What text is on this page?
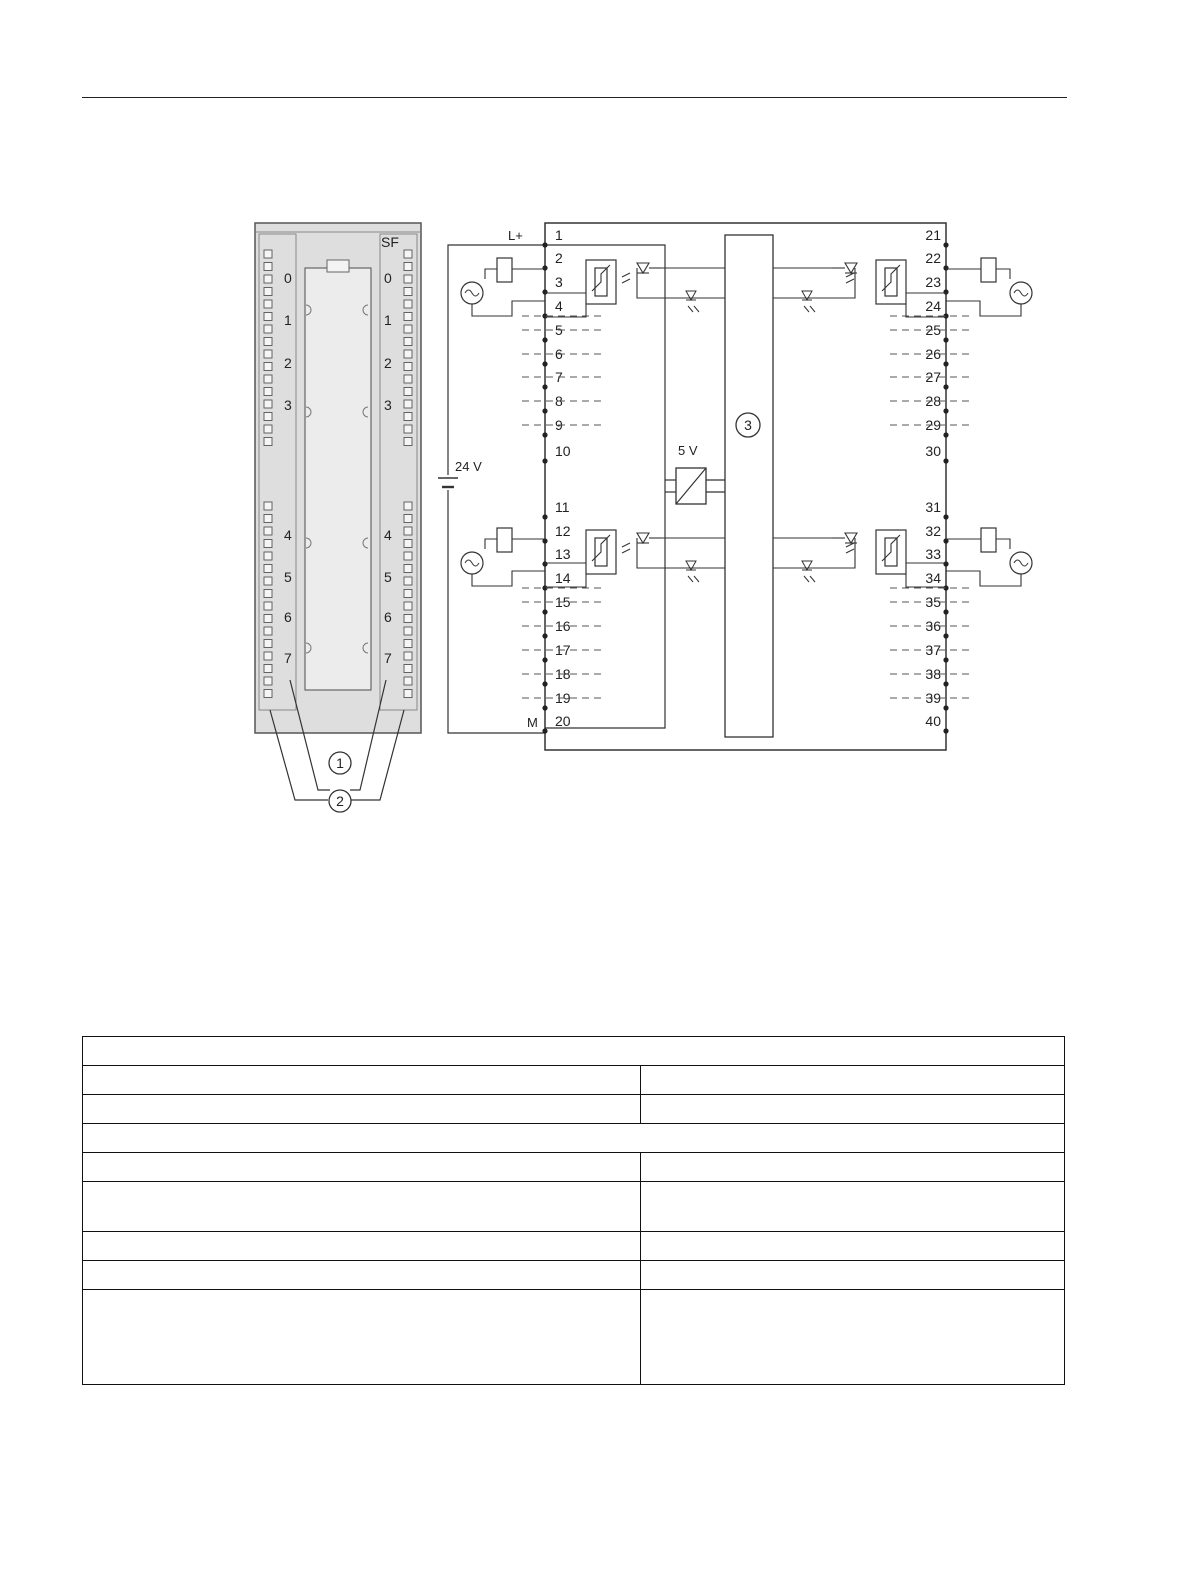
0
1
2
3
4
5
6
7
0
1
2
3
4
5
6
7
SF
1
2
3
5 V
24 V
L+
M
1
2
3
4
5
6
7
8
9
10
11
12
13
14
15
16
17
18
19
20
21
22
23
24
25
26
27
28
29
30
31
32
33
34
35
36
37
38
39
40
